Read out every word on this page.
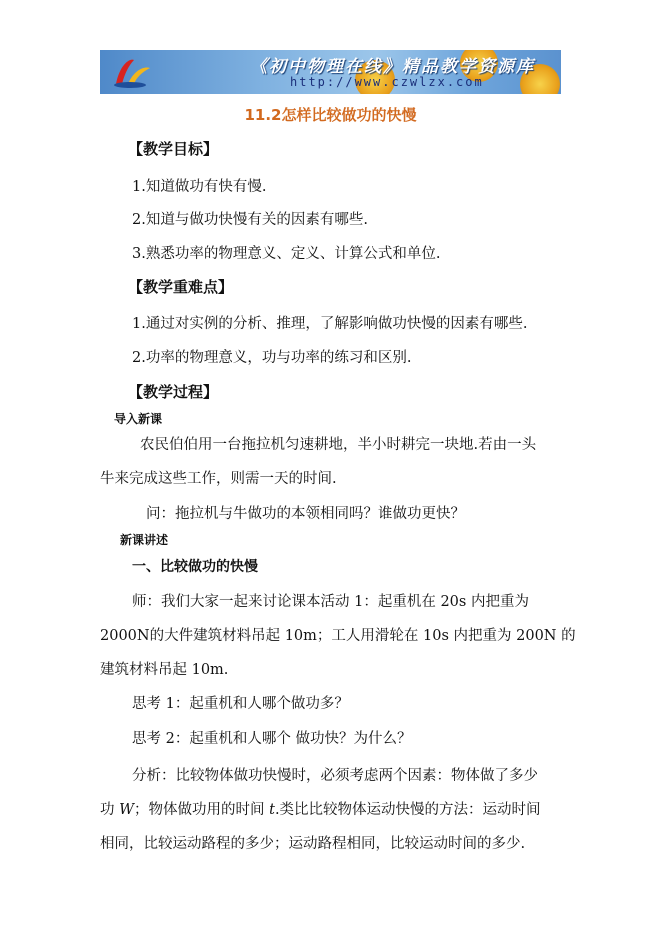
《初中物理在线》精品教学资源库
http://www.czwlzx.com
11.2怎样比较做功的快慢
【教学目标】
1.知道做功有快有慢.
2.知道与做功快慢有关的因素有哪些.
3.熟悉功率的物理意义、定义、计算公式和单位.
【教学重难点】
1.通过对实例的分析、推理，了解影响做功快慢的因素有哪些.
2.功率的物理意义，功与功率的练习和区别.
【教学过程】
导入新课
农民伯伯用一台拖拉机匀速耕地，半小时耕完一块地.若由一头
牛来完成这些工作，则需一天的时间.
问：拖拉机与牛做功的本领相同吗？谁做功更快？
新课讲述
一、比较做功的快慢
师：我们大家一起来讨论课本活动 1：起重机在 20s 内把重为
2000N的大件建筑材料吊起 10m；工人用滑轮在 10s 内把重为 200N 的
建筑材料吊起 10m.
思考 1：起重机和人哪个做功多？
思考 2：起重机和人哪个 做功快？为什么？
分析：比较物体做功快慢时，必须考虑两个因素：物体做了多少
功 W；物体做功用的时间 t.类比比较物体运动快慢的方法：运动时间
相同，比较运动路程的多少；运动路程相同，比较运动时间的多少.
